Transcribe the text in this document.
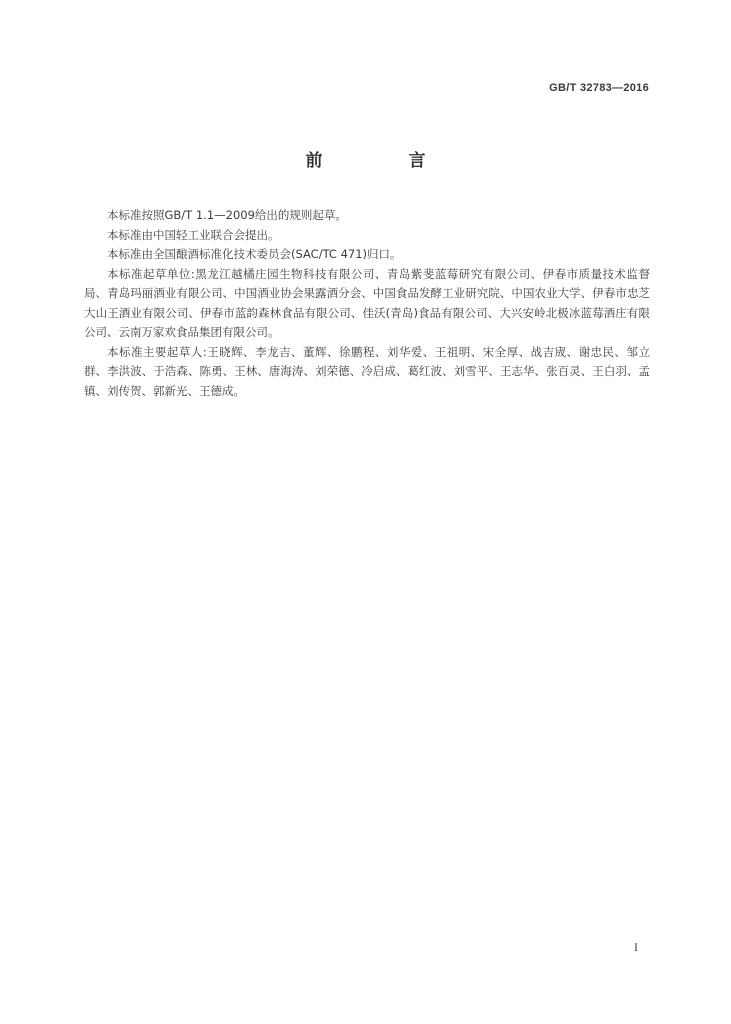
GB/T 32783—2016
前 言

本标准按照GB/T 1.1—2009给出的规则起草。

本标准由中国轻工业联合会提出。

本标准由全国酿酒标准化技术委员会(SAC/TC 471)归口。

本标准起草单位:黑龙江越橘庄园生物科技有限公司、青岛紫斐蓝莓研究有限公司、伊春市质量技术监督局、青岛玛丽酒业有限公司、中国酒业协会果露酒分会、中国食品发酵工业研究院、中国农业大学、伊春市忠芝大山王酒业有限公司、伊春市蓝韵森林食品有限公司、佳沃(青岛)食品有限公司、大兴安岭北极冰蓝莓酒庄有限公司、云南万家欢食品集团有限公司。

本标准主要起草人:王晓辉、李龙吉、董辉、徐鹏程、刘华爱、王祖明、宋全厚、战吉宬、谢忠民、邹立群、李洪波、于浩森、陈勇、王林、唐海涛、刘荣德、冷启成、葛红波、刘雪平、王志华、张百灵、王白羽、孟镇、刘传贺、郭新光、王德成。

I
